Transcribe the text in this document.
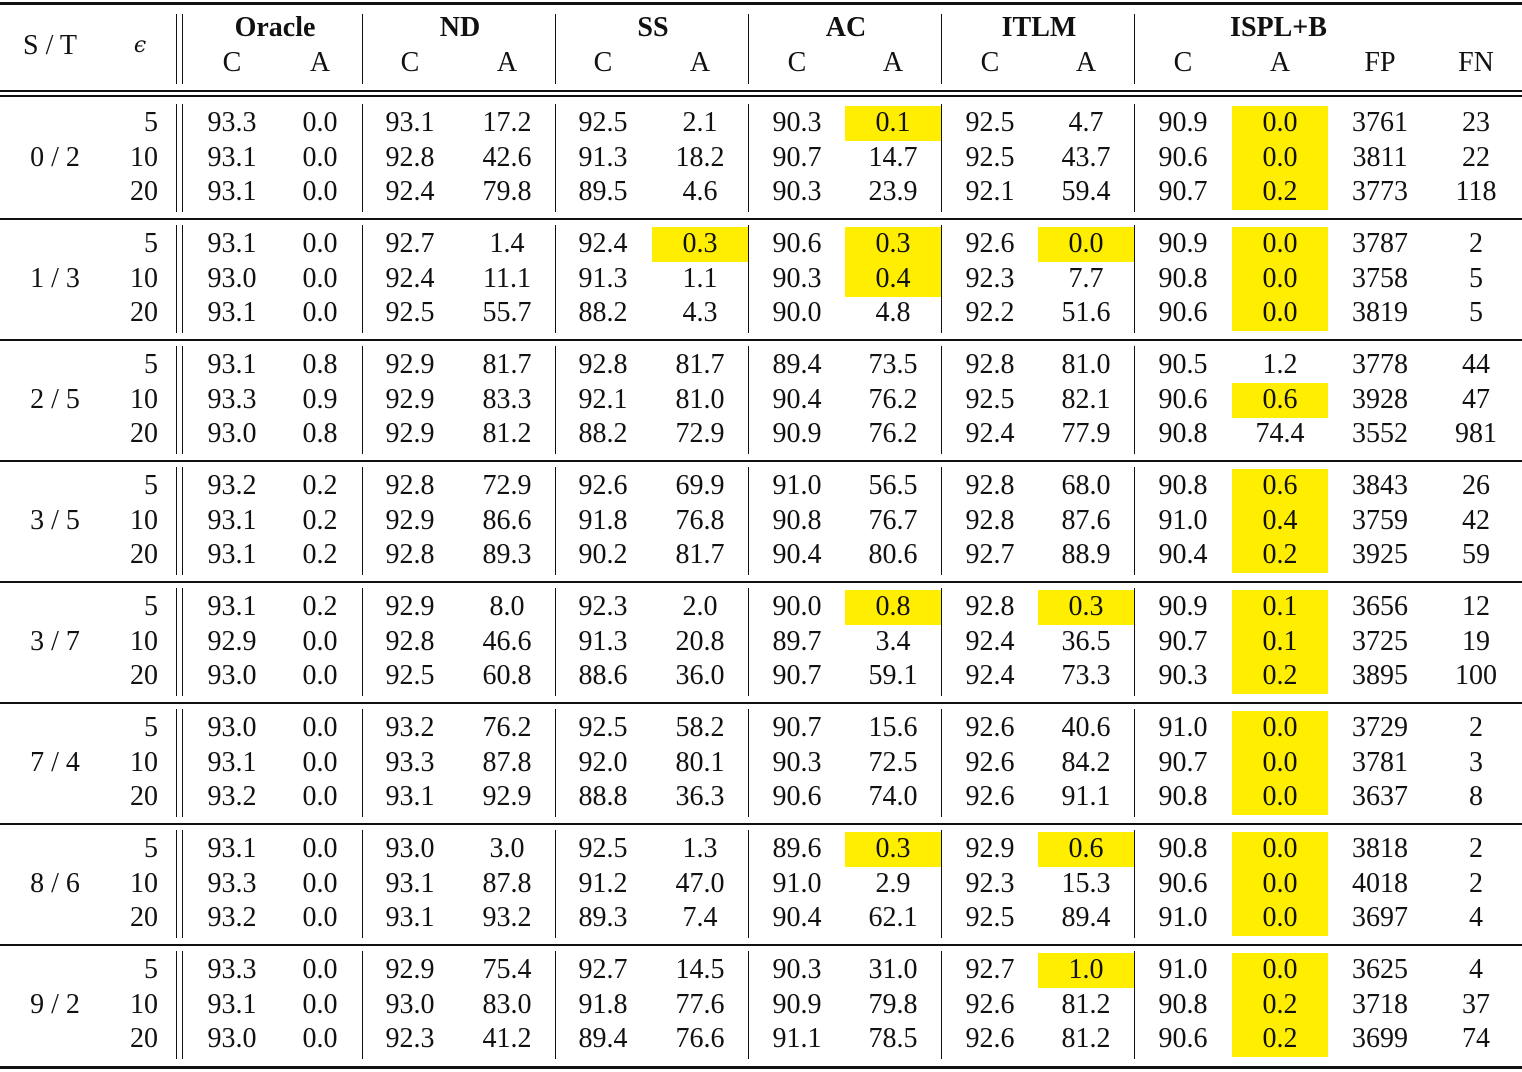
S / T	ϵ
Oracle	ND	SS	AC	ITLM	ISPL+B
C	A	C	A	C	A	C	A	C	A	C	A	FP	FN
0 / 2
5	93.3	0.0	93.1	17.2	92.5	2.1	90.3	0.1	92.5	4.7	90.9	0.0	3761	23
10	93.1	0.0	92.8	42.6	91.3	18.2	90.7	14.7	92.5	43.7	90.6	0.0	3811	22
20	93.1	0.0	92.4	79.8	89.5	4.6	90.3	23.9	92.1	59.4	90.7	0.2	3773	118
1 / 3
5	93.1	0.0	92.7	1.4	92.4	0.3	90.6	0.3	92.6	0.0	90.9	0.0	3787	2
10	93.0	0.0	92.4	11.1	91.3	1.1	90.3	0.4	92.3	7.7	90.8	0.0	3758	5
20	93.1	0.0	92.5	55.7	88.2	4.3	90.0	4.8	92.2	51.6	90.6	0.0	3819	5
2 / 5
5	93.1	0.8	92.9	81.7	92.8	81.7	89.4	73.5	92.8	81.0	90.5	1.2	3778	44
10	93.3	0.9	92.9	83.3	92.1	81.0	90.4	76.2	92.5	82.1	90.6	0.6	3928	47
20	93.0	0.8	92.9	81.2	88.2	72.9	90.9	76.2	92.4	77.9	90.8	74.4	3552	981
3 / 5
5	93.2	0.2	92.8	72.9	92.6	69.9	91.0	56.5	92.8	68.0	90.8	0.6	3843	26
10	93.1	0.2	92.9	86.6	91.8	76.8	90.8	76.7	92.8	87.6	91.0	0.4	3759	42
20	93.1	0.2	92.8	89.3	90.2	81.7	90.4	80.6	92.7	88.9	90.4	0.2	3925	59
3 / 7
5	93.1	0.2	92.9	8.0	92.3	2.0	90.0	0.8	92.8	0.3	90.9	0.1	3656	12
10	92.9	0.0	92.8	46.6	91.3	20.8	89.7	3.4	92.4	36.5	90.7	0.1	3725	19
20	93.0	0.0	92.5	60.8	88.6	36.0	90.7	59.1	92.4	73.3	90.3	0.2	3895	100
7 / 4
5	93.0	0.0	93.2	76.2	92.5	58.2	90.7	15.6	92.6	40.6	91.0	0.0	3729	2
10	93.1	0.0	93.3	87.8	92.0	80.1	90.3	72.5	92.6	84.2	90.7	0.0	3781	3
20	93.2	0.0	93.1	92.9	88.8	36.3	90.6	74.0	92.6	91.1	90.8	0.0	3637	8
8 / 6
5	93.1	0.0	93.0	3.0	92.5	1.3	89.6	0.3	92.9	0.6	90.8	0.0	3818	2
10	93.3	0.0	93.1	87.8	91.2	47.0	91.0	2.9	92.3	15.3	90.6	0.0	4018	2
20	93.2	0.0	93.1	93.2	89.3	7.4	90.4	62.1	92.5	89.4	91.0	0.0	3697	4
9 / 2
5	93.3	0.0	92.9	75.4	92.7	14.5	90.3	31.0	92.7	1.0	91.0	0.0	3625	4
10	93.1	0.0	93.0	83.0	91.8	77.6	90.9	79.8	92.6	81.2	90.8	0.2	3718	37
20	93.0	0.0	92.3	41.2	89.4	76.6	91.1	78.5	92.6	81.2	90.6	0.2	3699	74
